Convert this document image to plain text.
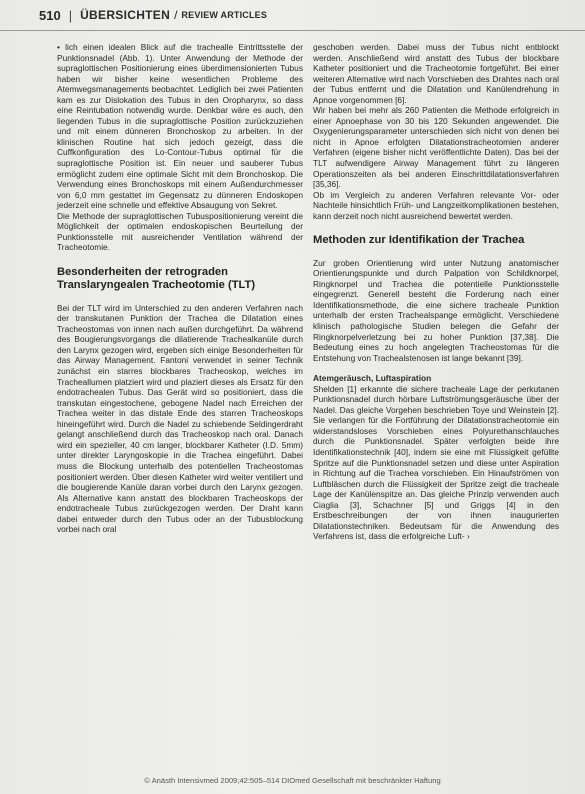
510 | ÜBERSICHTEN / REVIEW ARTICLES

• lich einen idealen Blick auf die trachealle Eintrittsstelle der Punktionsnadel (Abb. 1). Unter Anwendung der Methode der supraglottischen Positionierung eines überdimensionierten Tubus haben wir bisher keine wesentlichen Probleme des Atemwegsmanagements beobachtet. Lediglich bei zwei Patienten kam es zur Dislokation des Tubus in den Oropharynx, so dass eine Reintubation notwendig wurde. Denkbar wäre es auch, den liegenden Tubus in die supraglottische Position zurückzuziehen und mit einem dünneren Bronchoskop zu arbeiten. In der klinischen Routine hat sich jedoch gezeigt, dass die Cuffkonfiguration des Lo-Contour-Tubus optimal für die supraglottische Position ist. Ein neuer und sauberer Tubus ermöglicht zudem eine optimale Sicht mit dem Bronchoskop. Die Verwendung eines Bronchoskops mit einem Außendurchmesser von 6,0 mm gestattet im Gegensatz zu dünneren Endoskopen jederzeit eine schnelle und effektive Absaugung von Sekret.

Die Methode der supraglottischen Tubuspositionierung vereint die Möglichkeit der optimalen endoskopischen Beurteilung der Punktionsstelle mit ausreichender Ventilation während der Tracheotomie.

Besonderheiten der retrograden Translaryngealen Tracheotomie (TLT)

Bei der TLT wird im Unterschied zu den anderen Verfahren nach der transkutanen Punktion der Trachea die Dilatation eines Tracheostomas von innen nach außen durchgeführt. Da während des Bougierungsvorgangs die dilatierende Trachealkanüle durch den Larynx gezogen wird, ergeben sich einige Besonderheiten für das Airway Management. Fantoni verwendet in seiner Technik zunächst ein starres blockbares Tracheoskop, welches im Tracheallumen platziert wird und plaziert dieses als Ersatz für den endotrachealen Tubus. Das Gerät wird so positioniert, dass die transkutan eingestochene, gebogene Nadel nach Erreichen der Trachea weiter in das distale Ende des starren Tracheoskops hineingeführt wird. Durch die Nadel zu schiebende Seldingerdraht gelangt anschließend durch das Tracheoskop nach oral. Danach wird ein spezieller, 40 cm langer, blockbarer Katheter (I.D. 5mm) unter direkter Laryngoskopie in die Trachea eingeführt. Dabei muss die Blockung unterhalb des potentiellen Tracheostomas positioniert werden. Über diesen Katheter wird weiter ventiliert und die bougierende Kanüle daran vorbei durch den Larynx gezogen. Als Alternative kann anstatt des blockbaren Tracheoskops der endotracheale Tubus zurückgezogen werden. Der Draht kann dabei entweder durch den Tubus oder an der Tubusblockung vorbei nach oral

geschoben werden. Dabei muss der Tubus nicht entblockt werden. Anschließend wird anstatt des Tubus der blockbare Katheter positioniert und die Tracheotomie fortgeführt. Bei einer weiteren Alternative wird nach Vorschieben des Drahtes nach oral der Tubus entfernt und die Dilatation und Kanülendrehung in Apnoe vorgenommen [6].

Wir haben bei mehr als 260 Patienten die Methode erfolgreich in einer Apnoephase von 30 bis 120 Sekunden angewendet. Die Oxygenierungsparameter unterschieden sich nicht von denen bei nicht in Apnoe erfolgten Dilatationstracheotomien anderer Verfahren (eigene bisher nicht veröffentlichte Daten). Das bei der TLT aufwendigere Airway Management führt zu längeren Operationszeiten als bei anderen Einschrittdilatationsverfahren [35,36].

Ob im Vergleich zu anderen Verfahren relevante Vor- oder Nachteile hinsichtlich Früh- und Langzeitkomplikationen bestehen, kann derzeit noch nicht ausreichend bewertet werden.

Methoden zur Identifikation der Trachea

Zur groben Orientierung wird unter Nutzung anatomischer Orientierungspunkte und durch Palpation von Schildknorpel, Ringknorpel und Trachea die potentielle Punktionsstelle eingegrenzt. Generell besteht die Forderung nach einer Identifikationsmethode, die eine sichere tracheale Punktion unterhalb der ersten Trachealspange ermöglicht. Verschiedene klinisch pathologische Studien belegen die Gefahr der Ringknorpelverletzung bei zu hoher Punktion [37,38]. Die Bedeutung eines zu hoch angelegten Tracheostomas für die Entstehung von Trachealstenosen ist lange bekannt [39].

Atemgeräusch, Luftaspiration

Shelden [1] erkannte die sichere tracheale Lage der perkutanen Punktionsnadel durch hörbare Luftströmungsgeräusche über der Nadel. Das gleiche Vorgehen beschrieben Toye und Weinstein [2]. Sie verlangen für die Fortführung der Dilatationstracheotomie ein widerstandsloses Vorschieben eines Polyurethanschlauches durch die Punktionsnadel. Später verfolgten beide ihre Identifikationstechnik [40], indem sie eine mit Flüssigkeit gefüllte Spritze auf die Punktionsnadel setzen und diese unter Aspiration in Richtung auf die Trachea vorschieben. Ein Hinaufströmen von Luftbläschen durch die Flüssigkeit der Spritze zeigt die tracheale Lage der Kanülenspitze an. Das gleiche Prinzip verwenden auch Ciaglia [3], Schachner [5] und Griggs [4] in den Erstbeschreibungen der von ihnen inaugurierten Dilatationstechniken. Bedeutsam für die Anwendung des Verfahrens ist, dass die erfolgreiche Luft- ›

© Anästh Intensivmed 2009;42:505–514 DIOmed Gesellschaft mit beschränkter Haftung
